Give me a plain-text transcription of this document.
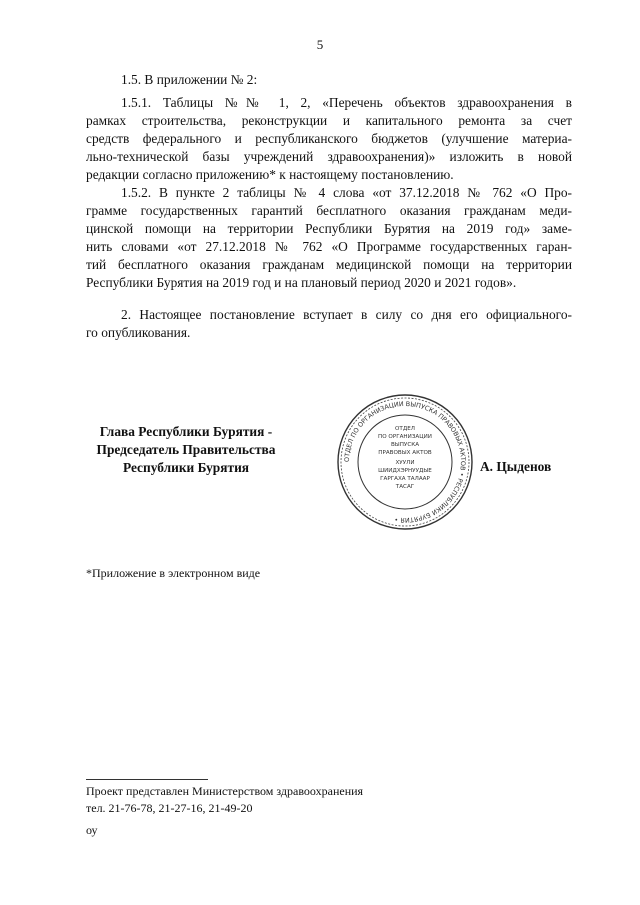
5
1.5. В приложении № 2:
1.5.1. Таблицы №№ 1, 2, «Перечень объектов здравоохранения в
рамках строительства, реконструкции и капитального ремонта за счет
средств федерального и республиканского бюджетов (улучшение материа-
льно-технической базы учреждений здравоохранения)» изложить в новой
редакции согласно приложению* к настоящему постановлению.
1.5.2. В пункте 2 таблицы № 4 слова «от 37.12.2018 № 762 «О Про-
грамме государственных гарантий бесплатного оказания гражданам меди-
цинской помощи на территории Республики Бурятия на 2019 год» заме-
нить словами «от 27.12.2018 № 762 «О Программе государственных гаран-
тий бесплатного оказания гражданам медицинской помощи на территории
Республики Бурятия на 2019 год и на плановый период 2020 и 2021 годов».
2. Настоящее постановление вступает в силу со дня его официального-
го опубликования.
Глава Республики Бурятия -
Председатель Правительства
Республики Бурятия
ОТДЕЛ ПО ОРГАНИЗАЦИИ ВЫПУСКА ПРАВОВЫХ АКТОВ • РЕСПУБЛИКИ БУРЯТИЯ •
ОТДЕЛ
ПО ОРГАНИЗАЦИИ
ВЫПУСКА
ПРАВОВЫХ АКТОВ
ХУУЛИ
ШИИДХЭРНУУДЫЕ
ГАРГАХА ТАЛААР
ТАСАГ
А. Цыденов
*Приложение в электронном виде
Проект представлен Министерством здравоохранения
тел. 21-76-78, 21-27-16, 21-49-20
оу
